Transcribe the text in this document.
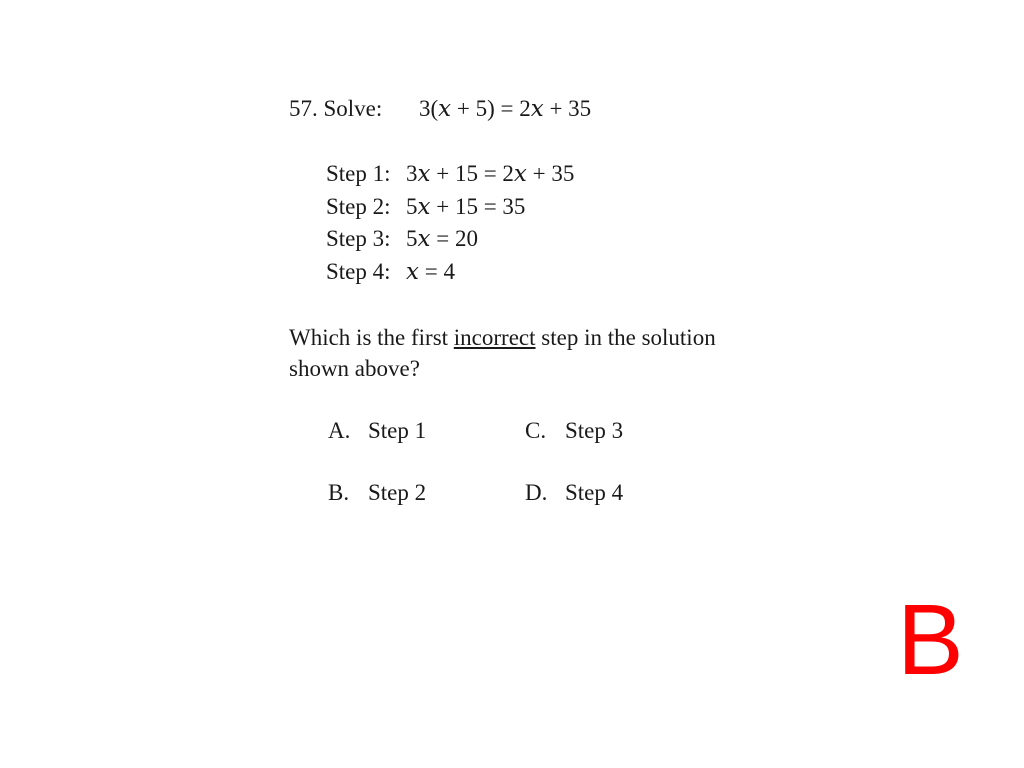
57. Solve: 3(𝑥 + 5) = 2𝑥 + 35
Step 1: 3𝑥 + 15 = 2𝑥 + 35
Step 2: 5𝑥 + 15 = 35
Step 3: 5𝑥 = 20
Step 4: 𝑥 = 4
Which is the first incorrect step in the solution shown above?
A. Step 1	C. Step 3
B. Step 2	D. Step 4
B
